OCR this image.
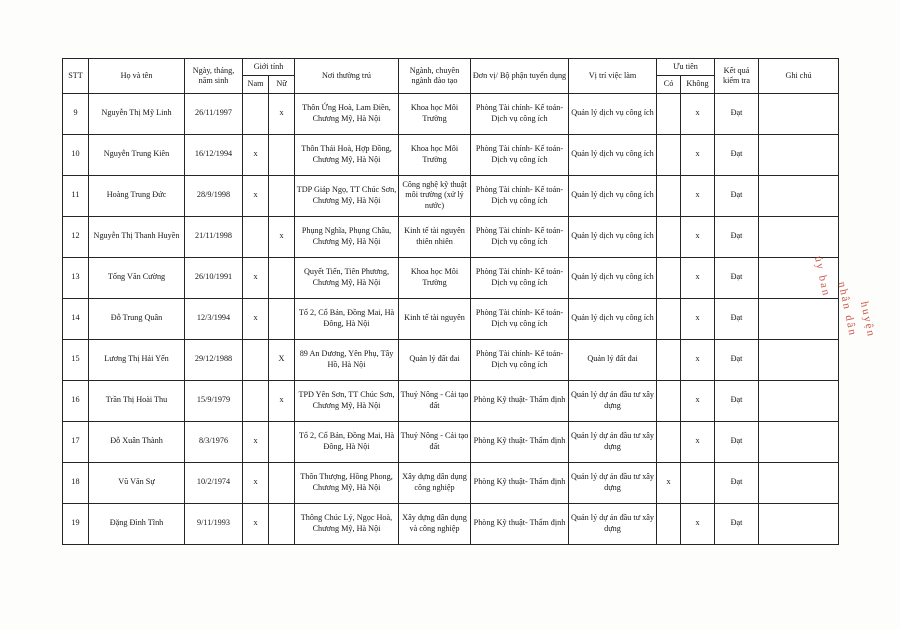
STT	Họ và tên	Ngày, tháng, năm sinh	Giới tính		Nơi thường trú	Ngành, chuyên ngành đào tạo	Đơn vị/ Bộ phận tuyển dụng	Vị trí việc làm	Ưu tiên		Kết quả kiểm tra	Ghi chú
			Nam	Nữ					Có	Không		
9	Nguyễn Thị Mỹ Linh	26/11/1997		x	Thôn Ứng Hoà, Lam Điền, Chương Mỹ, Hà Nội	Khoa học Môi Trường	Phòng Tài chính- Kế toán-Dịch vụ công ích	Quản lý dịch vụ công ích		x	Đạt	
10	Nguyễn Trung Kiên	16/12/1994	x		Thôn Thái Hoà, Hợp Đồng, Chương Mỹ, Hà Nội	Khoa học Môi Trường	Phòng Tài chính- Kế toán-Dịch vụ công ích	Quản lý dịch vụ công ích		x	Đạt	
11	Hoàng Trung Đức	28/9/1998	x		TDP Giáp Ngọ, TT Chúc Sơn, Chương Mỹ, Hà Nội	Công nghệ kỹ thuật môi trường (xử lý nước)	Phòng Tài chính- Kế toán-Dịch vụ công ích	Quản lý dịch vụ công ích		x	Đạt	
12	Nguyễn Thị Thanh Huyền	21/11/1998		x	Phụng Nghĩa, Phụng Châu, Chương Mỹ, Hà Nội	Kinh tế tài nguyên thiên nhiên	Phòng Tài chính- Kế toán-Dịch vụ công ích	Quản lý dịch vụ công ích		x	Đạt	
13	Tống Văn Cường	26/10/1991	x		Quyết Tiến, Tiên Phương, Chương Mỹ, Hà Nội	Khoa học Môi Trường	Phòng Tài chính- Kế toán-Dịch vụ công ích	Quản lý dịch vụ công ích		x	Đạt	
14	Đỗ Trung Quân	12/3/1994	x		Tổ 2, Cổ Bản, Đồng Mai, Hà Đông, Hà Nội	Kinh tế tài nguyên	Phòng Tài chính- Kế toán-Dịch vụ công ích	Quản lý dịch vụ công ích		x	Đạt	
15	Lương Thị Hải Yến	29/12/1988		X	89 An Dương, Yên Phụ, Tây Hồ, Hà Nội	Quản lý đất đai	Phòng Tài chính- Kế toán-Dịch vụ công ích	Quản lý đất đai		x	Đạt	
16	Trần Thị Hoài Thu	15/9/1979		x	TPD Yên Sơn, TT Chúc Sơn, Chương Mỹ, Hà Nội	Thuỷ Nông - Cải tạo đất	Phòng Kỹ thuật- Thẩm định	Quản lý dự án đầu tư xây dựng		x	Đạt	
17	Đỗ Xuân Thành	8/3/1976	x		Tổ 2, Cổ Bản, Đồng Mai, Hà Đông, Hà Nội	Thuỷ Nông - Cải tạo đất	Phòng Kỹ thuật- Thẩm định	Quản lý dự án đầu tư xây dựng		x	Đạt	
18	Vũ Văn Sự	10/2/1974	x		Thôn Thượng, Hồng Phong, Chương Mỹ, Hà Nội	Xây dựng dân dụng công nghiệp	Phòng Kỹ thuật- Thẩm định	Quản lý dự án đầu tư xây dựng	x		Đạt	
19	Đặng Đình Tĩnh	9/11/1993	x		Thông Chúc Lý, Ngọc Hoà, Chương Mỹ, Hà Nội	Xây dựng dân dụng và công nghiệp	Phòng Kỹ thuật- Thẩm định	Quản lý dự án đầu tư xây dựng		x	Đạt	
ủy ban nhân dân huyện
